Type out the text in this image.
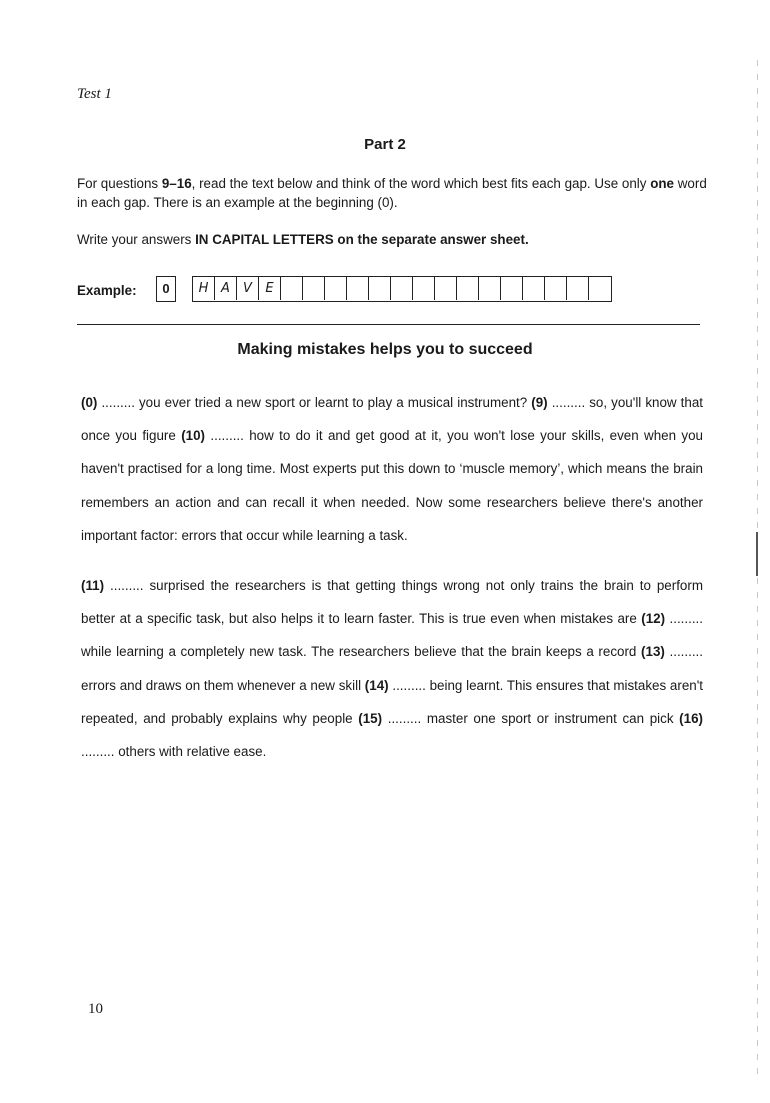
Test 1
Part 2
For questions 9–16, read the text below and think of the word which best fits each gap. Use only one word in each gap. There is an example at the beginning (0).
Write your answers IN CAPITAL LETTERS on the separate answer sheet.
Example:	0	H A	V	E
Making mistakes helps you to succeed
(0) ......... you ever tried a new sport or learnt to play a musical instrument? (9) ......... so, you'll know that once you figure (10) ......... how to do it and get good at it, you won't lose your skills, even when you haven't practised for a long time. Most experts put this down to ‘muscle memory’, which means the brain remembers an action and can recall it when needed. Now some researchers believe there's another important factor: errors that occur while learning a task.
(11) ......... surprised the researchers is that getting things wrong not only trains the brain to perform better at a specific task, but also helps it to learn faster. This is true even when mistakes are (12) ......... while learning a completely new task. The researchers believe that the brain keeps a record (13) ......... errors and draws on them whenever a new skill (14) ......... being learnt. This ensures that mistakes aren't repeated, and probably explains why people (15) ......... master one sport or instrument can pick (16) ......... others with relative ease.
10
